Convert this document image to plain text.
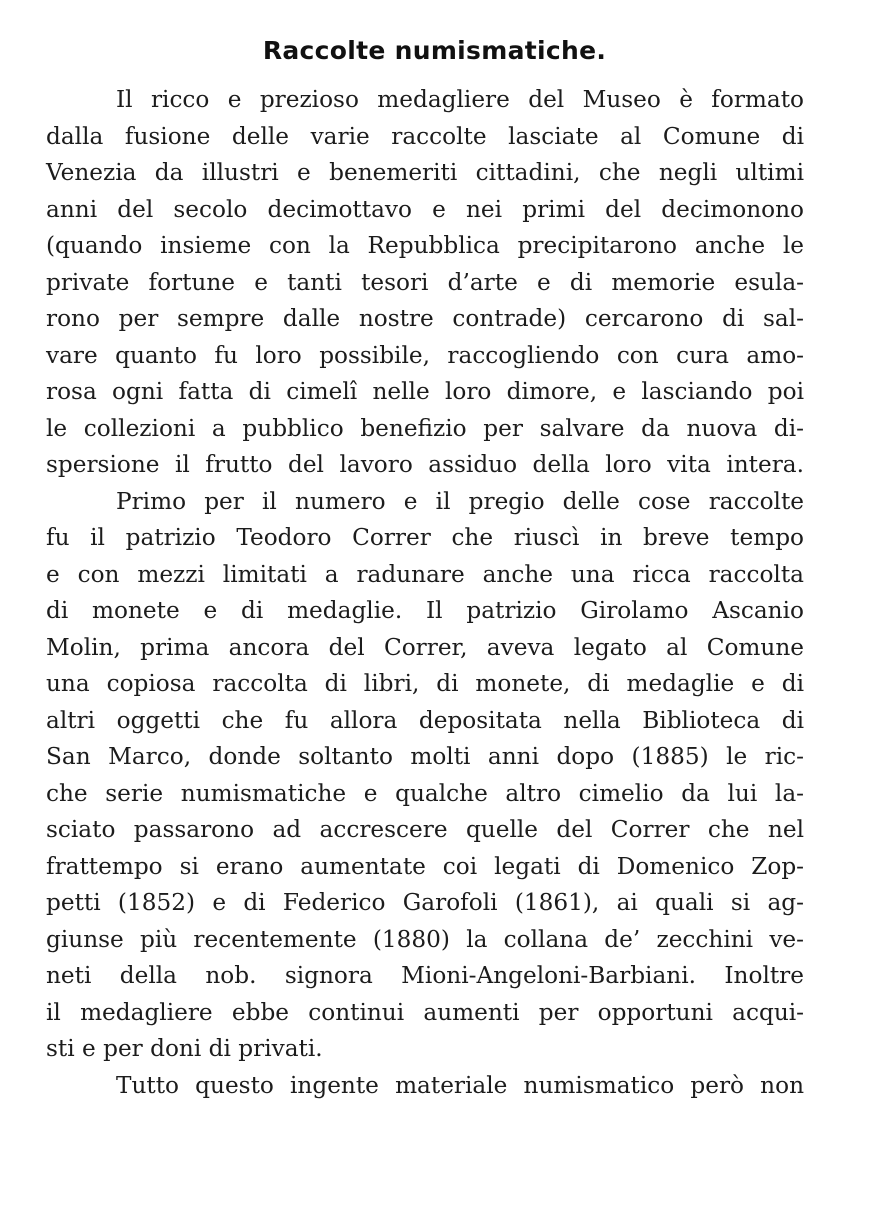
Raccolte numismatiche.
Il ricco e prezioso medagliere del Museo è formato
dalla fusione delle varie raccolte lasciate al Comune di
Venezia da illustri e benemeriti cittadini, che negli ultimi
anni del secolo decimottavo e nei primi del decimonono
(quando insieme con la Repubblica precipitarono anche le
private fortune e tanti tesori d’arte e di memorie esula-
rono per sempre dalle nostre contrade) cercarono di sal-
vare quanto fu loro possibile, raccogliendo con cura amo-
rosa ogni fatta di cimelî nelle loro dimore, e lasciando poi
le collezioni a pubblico benefizio per salvare da nuova di-
spersione il frutto del lavoro assiduo della loro vita intera.
Primo per il numero e il pregio delle cose raccolte
fu il patrizio Teodoro Correr che riuscì in breve tempo
e con mezzi limitati a radunare anche una ricca raccolta
di monete e di medaglie. Il patrizio Girolamo Ascanio
Molin, prima ancora del Correr, aveva legato al Comune
una copiosa raccolta di libri, di monete, di medaglie e di
altri oggetti che fu allora depositata nella Biblioteca di
San Marco, donde soltanto molti anni dopo (1885) le ric-
che serie numismatiche e qualche altro cimelio da lui la-
sciato passarono ad accrescere quelle del Correr che nel
frattempo si erano aumentate coi legati di Domenico Zop-
petti (1852) e di Federico Garofoli (1861), ai quali si ag-
giunse più recentemente (1880) la collana de’ zecchini ve-
neti della nob. signora Mioni-Angeloni-Barbiani. Inoltre
il medagliere ebbe continui aumenti per opportuni acqui-
sti e per doni di privati.
Tutto questo ingente materiale numismatico però non
